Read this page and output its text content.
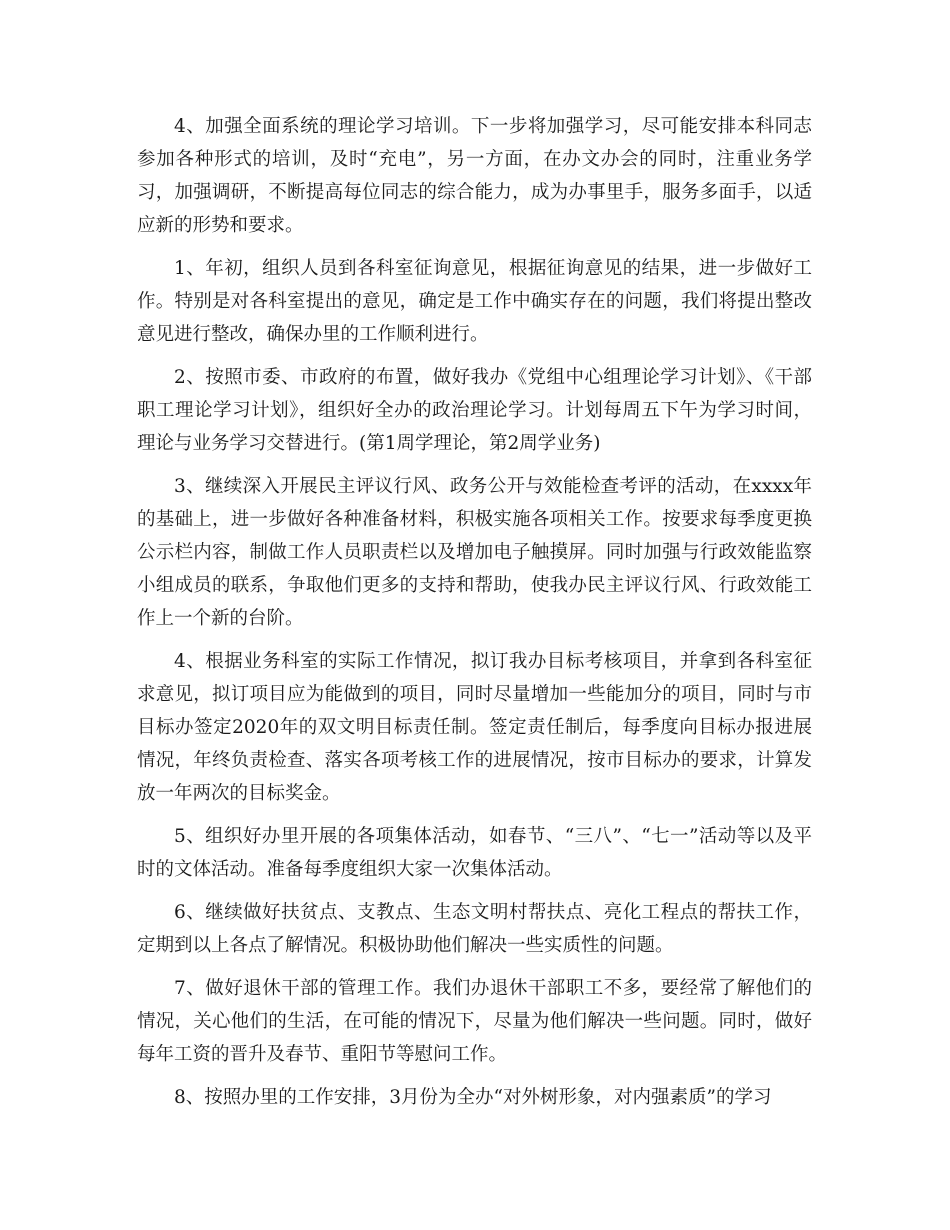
4、加强全面系统的理论学习培训。下一步将加强学习，尽可能安排本科同志参加各种形式的培训，及时“充电”，另一方面，在办文办会的同时，注重业务学习，加强调研，不断提高每位同志的综合能力，成为办事里手，服务多面手，以适应新的形势和要求。

1、年初，组织人员到各科室征询意见，根据征询意见的结果，进一步做好工作。特别是对各科室提出的意见，确定是工作中确实存在的问题，我们将提出整改意见进行整改，确保办里的工作顺利进行。

2、按照市委、市政府的布置，做好我办《党组中心组理论学习计划》、《干部职工理论学习计划》，组织好全办的政治理论学习。计划每周五下午为学习时间，理论与业务学习交替进行。(第1周学理论，第2周学业务)

3、继续深入开展民主评议行风、政务公开与效能检查考评的活动，在xxxx年的基础上，进一步做好各种准备材料，积极实施各项相关工作。按要求每季度更换公示栏内容，制做工作人员职责栏以及增加电子触摸屏。同时加强与行政效能监察小组成员的联系，争取他们更多的支持和帮助，使我办民主评议行风、行政效能工作上一个新的台阶。

4、根据业务科室的实际工作情况，拟订我办目标考核项目，并拿到各科室征求意见，拟订项目应为能做到的项目，同时尽量增加一些能加分的项目，同时与市目标办签定2020年的双文明目标责任制。签定责任制后，每季度向目标办报进展情况，年终负责检查、落实各项考核工作的进展情况，按市目标办的要求，计算发放一年两次的目标奖金。

5、组织好办里开展的各项集体活动，如春节、“三八”、“七一”活动等以及平时的文体活动。准备每季度组织大家一次集体活动。

6、继续做好扶贫点、支教点、生态文明村帮扶点、亮化工程点的帮扶工作，定期到以上各点了解情况。积极协助他们解决一些实质性的问题。

7、做好退休干部的管理工作。我们办退休干部职工不多，要经常了解他们的情况，关心他们的生活，在可能的情况下，尽量为他们解决一些问题。同时，做好每年工资的晋升及春节、重阳节等慰问工作。

8、按照办里的工作安排，3月份为全办“对外树形象，对内强素质”的学习
